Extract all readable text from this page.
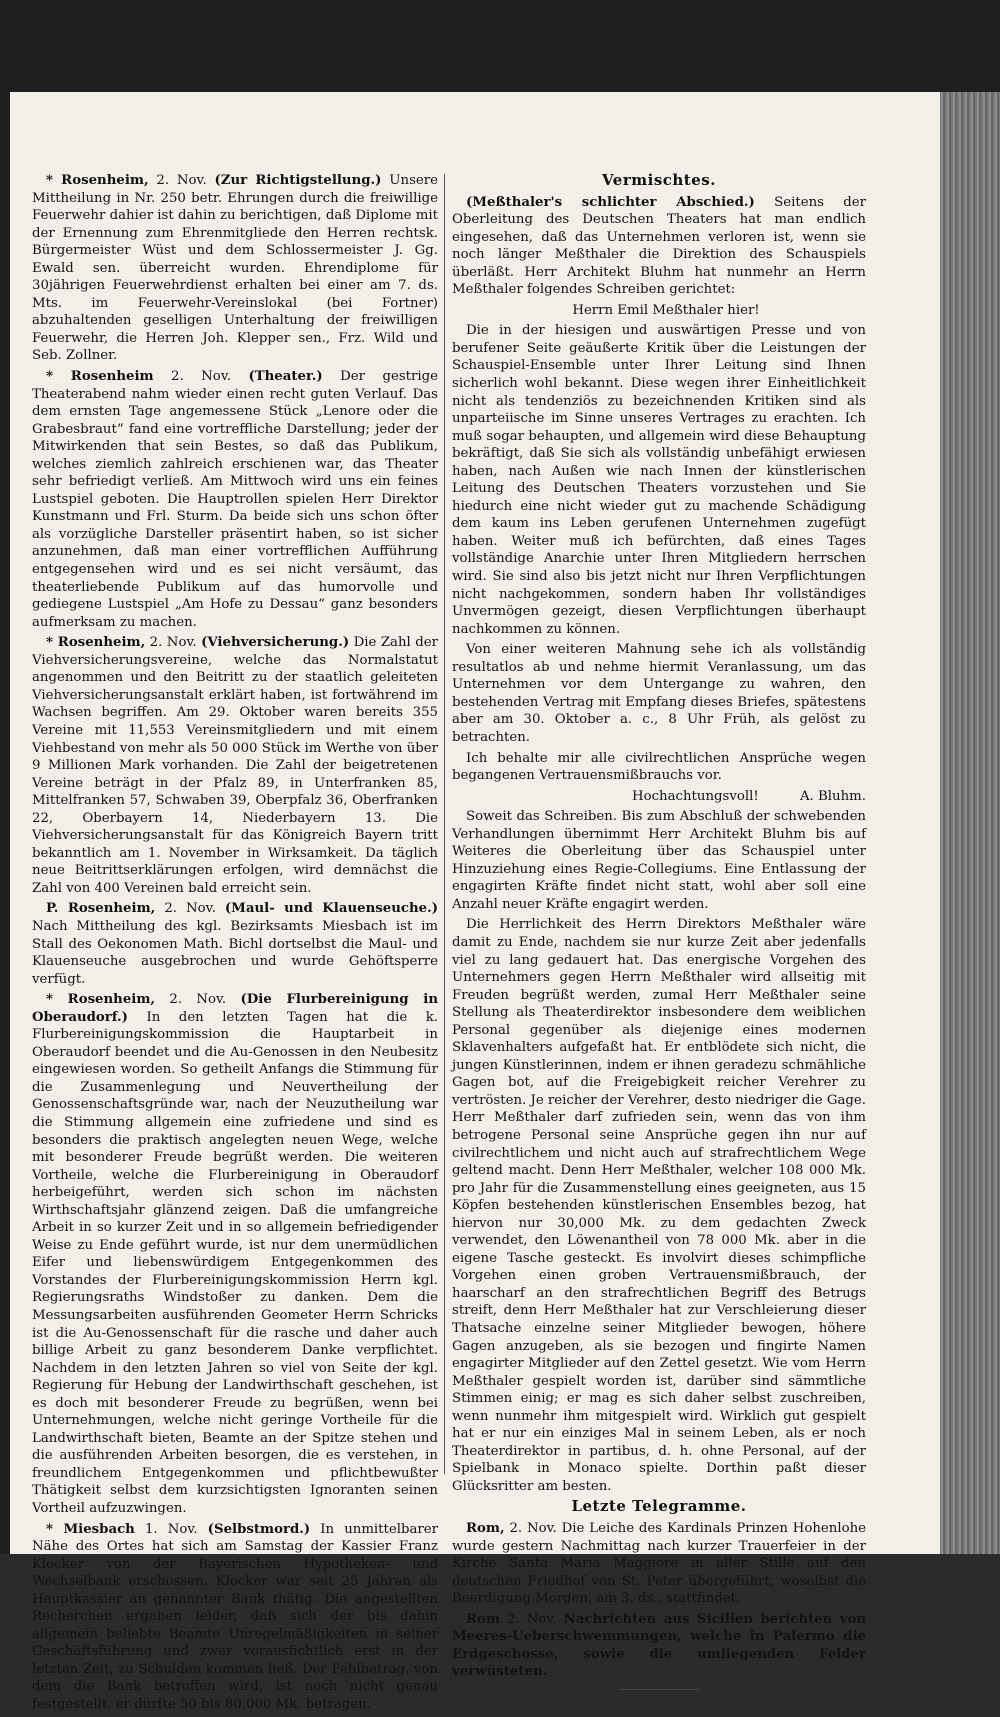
* Rosenheim, 2. Nov. (Zur Richtigstellung.) Unsere Mittheilung in Nr. 250 betr. Ehrungen durch die freiwillige Feuerwehr dahier ist dahin zu berichtigen, daß Diplome mit der Ernennung zum Ehrenmitgliede den Herren rechtsk. Bürgermeister Wüst und dem Schlossermeister J. Gg. Ewald sen. überreicht wurden. Ehrendiplome für 30jährigen Feuerwehrdienst erhalten bei einer am 7. ds. Mts. im Feuerwehr-Vereinslokal (bei Fortner) abzuhaltenden geselligen Unterhaltung der freiwilligen Feuerwehr, die Herren Joh. Klepper sen., Frz. Wild und Seb. Zollner.

* Rosenheim 2. Nov. (Theater.) Der gestrige Theaterabend nahm wieder einen recht guten Verlauf. Das dem ernsten Tage angemessene Stück „Lenore oder die Grabesbraut“ fand eine vortreffliche Darstellung; jeder der Mitwirkenden that sein Bestes, so daß das Publikum, welches ziemlich zahlreich erschienen war, das Theater sehr befriedigt verließ. Am Mittwoch wird uns ein feines Lustspiel geboten. Die Hauptrollen spielen Herr Direktor Kunstmann und Frl. Sturm. Da beide sich uns schon öfter als vorzügliche Darsteller präsentirt haben, so ist sicher anzunehmen, daß man einer vortrefflichen Aufführung entgegensehen wird und es sei nicht versäumt, das theaterliebende Publikum auf das humorvolle und gediegene Lustspiel „Am Hofe zu Dessau“ ganz besonders aufmerksam zu machen.

* Rosenheim, 2. Nov. (Viehversicherung.) Die Zahl der Viehversicherungsvereine, welche das Normalstatut angenommen und den Beitritt zu der staatlich geleiteten Viehversicherungsanstalt erklärt haben, ist fortwährend im Wachsen begriffen. Am 29. Oktober waren bereits 355 Vereine mit 11,553 Vereinsmitgliedern und mit einem Viehbestand von mehr als 50 000 Stück im Werthe von über 9 Millionen Mark vorhanden. Die Zahl der beigetretenen Vereine beträgt in der Pfalz 89, in Unterfranken 85, Mittelfranken 57, Schwaben 39, Oberpfalz 36, Oberfranken 22, Oberbayern 14, Niederbayern 13. Die Viehversicherungsanstalt für das Königreich Bayern tritt bekanntlich am 1. November in Wirksamkeit. Da täglich neue Beitrittserklärungen erfolgen, wird demnächst die Zahl von 400 Vereinen bald erreicht sein.

P. Rosenheim, 2. Nov. (Maul- und Klauenseuche.) Nach Mittheilung des kgl. Bezirksamts Miesbach ist im Stall des Oekonomen Math. Bichl dortselbst die Maul- und Klauenseuche ausgebrochen und wurde Gehöftsperre verfügt.

* Rosenheim, 2. Nov. (Die Flurbereinigung in Oberaudorf.) In den letzten Tagen hat die k. Flurbereinigungskommission die Hauptarbeit in Oberaudorf beendet und die Au-Genossen in den Neubesitz eingewiesen worden. So getheilt Anfangs die Stimmung für die Zusammenlegung und Neuvertheilung der Genossenschaftsgründe war, nach der Neuzutheilung war die Stimmung allgemein eine zufriedene und sind es besonders die praktisch angelegten neuen Wege, welche mit besonderer Freude begrüßt werden. Die weiteren Vortheile, welche die Flurbereinigung in Oberaudorf herbeigeführt, werden sich schon im nächsten Wirthschaftsjahr glänzend zeigen. Daß die umfangreiche Arbeit in so kurzer Zeit und in so allgemein befriedigender Weise zu Ende geführt wurde, ist nur dem unermüdlichen Eifer und liebenswürdigem Entgegenkommen des Vorstandes der Flurbereinigungskommission Herrn kgl. Regierungsraths Windstoßer zu danken. Dem die Messungsarbeiten ausführenden Geometer Herrn Schricks ist die Au-Genossenschaft für die rasche und daher auch billige Arbeit zu ganz besonderem Danke verpflichtet. Nachdem in den letzten Jahren so viel von Seite der kgl. Regierung für Hebung der Landwirthschaft geschehen, ist es doch mit besonderer Freude zu begrüßen, wenn bei Unternehmungen, welche nicht geringe Vortheile für die Landwirthschaft bieten, Beamte an der Spitze stehen und die ausführenden Arbeiten besorgen, die es verstehen, in freundlichem Entgegenkommen und pflichtbewußter Thätigkeit selbst dem kurzsichtigsten Ignoranten seinen Vortheil aufzuzwingen.

* Miesbach 1. Nov. (Selbstmord.) In unmittelbarer Nähe des Ortes hat sich am Samstag der Kassier Franz Klocker von der Bayerischen Hypotheken- und Wechselbank erschossen. Klocker war seit 25 Jahren als Hauptkassier an genannter Bank thätig. Die angestellten Recherchen ergaben leider, daß sich der bis dahin allgemein beliebte Beamte Unregelmäßigkeiten in seiner Geschäftsführung und zwar vorausfichtlich erst in der letzten Zeit, zu Schulden kommen ließ. Der Fehlbetrag, von dem die Bank betroffen wird, ist noch nicht genau festgestellt, er dürfte 50 bis 80,000 Mk. betragen.

Vermischtes.

(Meßthaler's schlichter Abschied.) Seitens der Oberleitung des Deutschen Theaters hat man endlich eingesehen, daß das Unternehmen verloren ist, wenn sie noch länger Meßthaler die Direktion des Schauspiels überläßt. Herr Architekt Bluhm hat nunmehr an Herrn Meßthaler folgendes Schreiben gerichtet:

Herrn Emil Meßthaler hier!

Die in der hiesigen und auswärtigen Presse und von berufener Seite geäußerte Kritik über die Leistungen der Schauspiel-Ensemble unter Ihrer Leitung sind Ihnen sicherlich wohl bekannt. Diese wegen ihrer Einheitlichkeit nicht als tendenziös zu bezeichnenden Kritiken sind als unparteiische im Sinne unseres Vertrages zu erachten. Ich muß sogar behaupten, und allgemein wird diese Behauptung bekräftigt, daß Sie sich als vollständig unbefähigt erwiesen haben, nach Außen wie nach Innen der künstlerischen Leitung des Deutschen Theaters vorzustehen und Sie hiedurch eine nicht wieder gut zu machende Schädigung dem kaum ins Leben gerufenen Unternehmen zugefügt haben. Weiter muß ich befürchten, daß eines Tages vollständige Anarchie unter Ihren Mitgliedern herrschen wird. Sie sind also bis jetzt nicht nur Ihren Verpflichtungen nicht nachgekommen, sondern haben Ihr vollständiges Unvermögen gezeigt, diesen Verpflichtungen überhaupt nachkommen zu können.

Von einer weiteren Mahnung sehe ich als vollständig resultatlos ab und nehme hiermit Veranlassung, um das Unternehmen vor dem Untergange zu wahren, den bestehenden Vertrag mit Empfang dieses Briefes, spätestens aber am 30. Oktober a. c., 8 Uhr Früh, als gelöst zu betrachten.

Ich behalte mir alle civilrechtlichen Ansprüche wegen begangenen Vertrauensmißbrauchs vor.

Hochachtungsvoll!	A. Bluhm.

Soweit das Schreiben. Bis zum Abschluß der schwebenden Verhandlungen übernimmt Herr Architekt Bluhm bis auf Weiteres die Oberleitung über das Schauspiel unter Hinzuziehung eines Regie-Collegiums. Eine Entlassung der engagirten Kräfte findet nicht statt, wohl aber soll eine Anzahl neuer Kräfte engagirt werden.

Die Herrlichkeit des Herrn Direktors Meßthaler wäre damit zu Ende, nachdem sie nur kurze Zeit aber jedenfalls viel zu lang gedauert hat. Das energische Vorgehen des Unternehmers gegen Herrn Meßthaler wird allseitig mit Freuden begrüßt werden, zumal Herr Meßthaler seine Stellung als Theaterdirektor insbesondere dem weiblichen Personal gegenüber als diejenige eines modernen Sklavenhalters aufgefaßt hat. Er entblödete sich nicht, die jungen Künstlerinnen, indem er ihnen geradezu schmähliche Gagen bot, auf die Freigebigkeit reicher Verehrer zu vertrösten. Je reicher der Verehrer, desto niedriger die Gage. Herr Meßthaler darf zufrieden sein, wenn das von ihm betrogene Personal seine Ansprüche gegen ihn nur auf civilrechtlichem und nicht auch auf strafrechtlichem Wege geltend macht. Denn Herr Meßthaler, welcher 108 000 Mk. pro Jahr für die Zusammenstellung eines geeigneten, aus 15 Köpfen bestehenden künstlerischen Ensembles bezog, hat hiervon nur 30,000 Mk. zu dem gedachten Zweck verwendet, den Löwenantheil von 78 000 Mk. aber in die eigene Tasche gesteckt. Es involvirt dieses schimpfliche Vorgehen einen groben Vertrauensmißbrauch, der haarscharf an den strafrechtlichen Begriff des Betrugs streift, denn Herr Meßthaler hat zur Verschleierung dieser Thatsache einzelne seiner Mitglieder bewogen, höhere Gagen anzugeben, als sie bezogen und fingirte Namen engagirter Mitglieder auf den Zettel gesetzt. Wie vom Herrn Meßthaler gespielt worden ist, darüber sind sämmtliche Stimmen einig; er mag es sich daher selbst zuschreiben, wenn nunmehr ihm mitgespielt wird. Wirklich gut gespielt hat er nur ein einziges Mal in seinem Leben, als er noch Theaterdirektor in partibus, d. h. ohne Personal, auf der Spielbank in Monaco spielte. Dorthin paßt dieser Glücksritter am besten.

Letzte Telegramme.

Rom, 2. Nov. Die Leiche des Kardinals Prinzen Hohenlohe wurde gestern Nachmittag nach kurzer Trauerfeier in der Kirche Santa Maria Maggiore in aller Stille auf den deutschen Friedhof von St. Peter übergeführt, woselbst die Beerdigung Morgen, am 3. ds., stattfindet.

Rom 2. Nov. Nachrichten aus Sicilien berichten von Meeres-Ueberschwemmungen, welche in Palermo die Erdgeschosse, sowie die umliegenden Felder verwüsteten.
